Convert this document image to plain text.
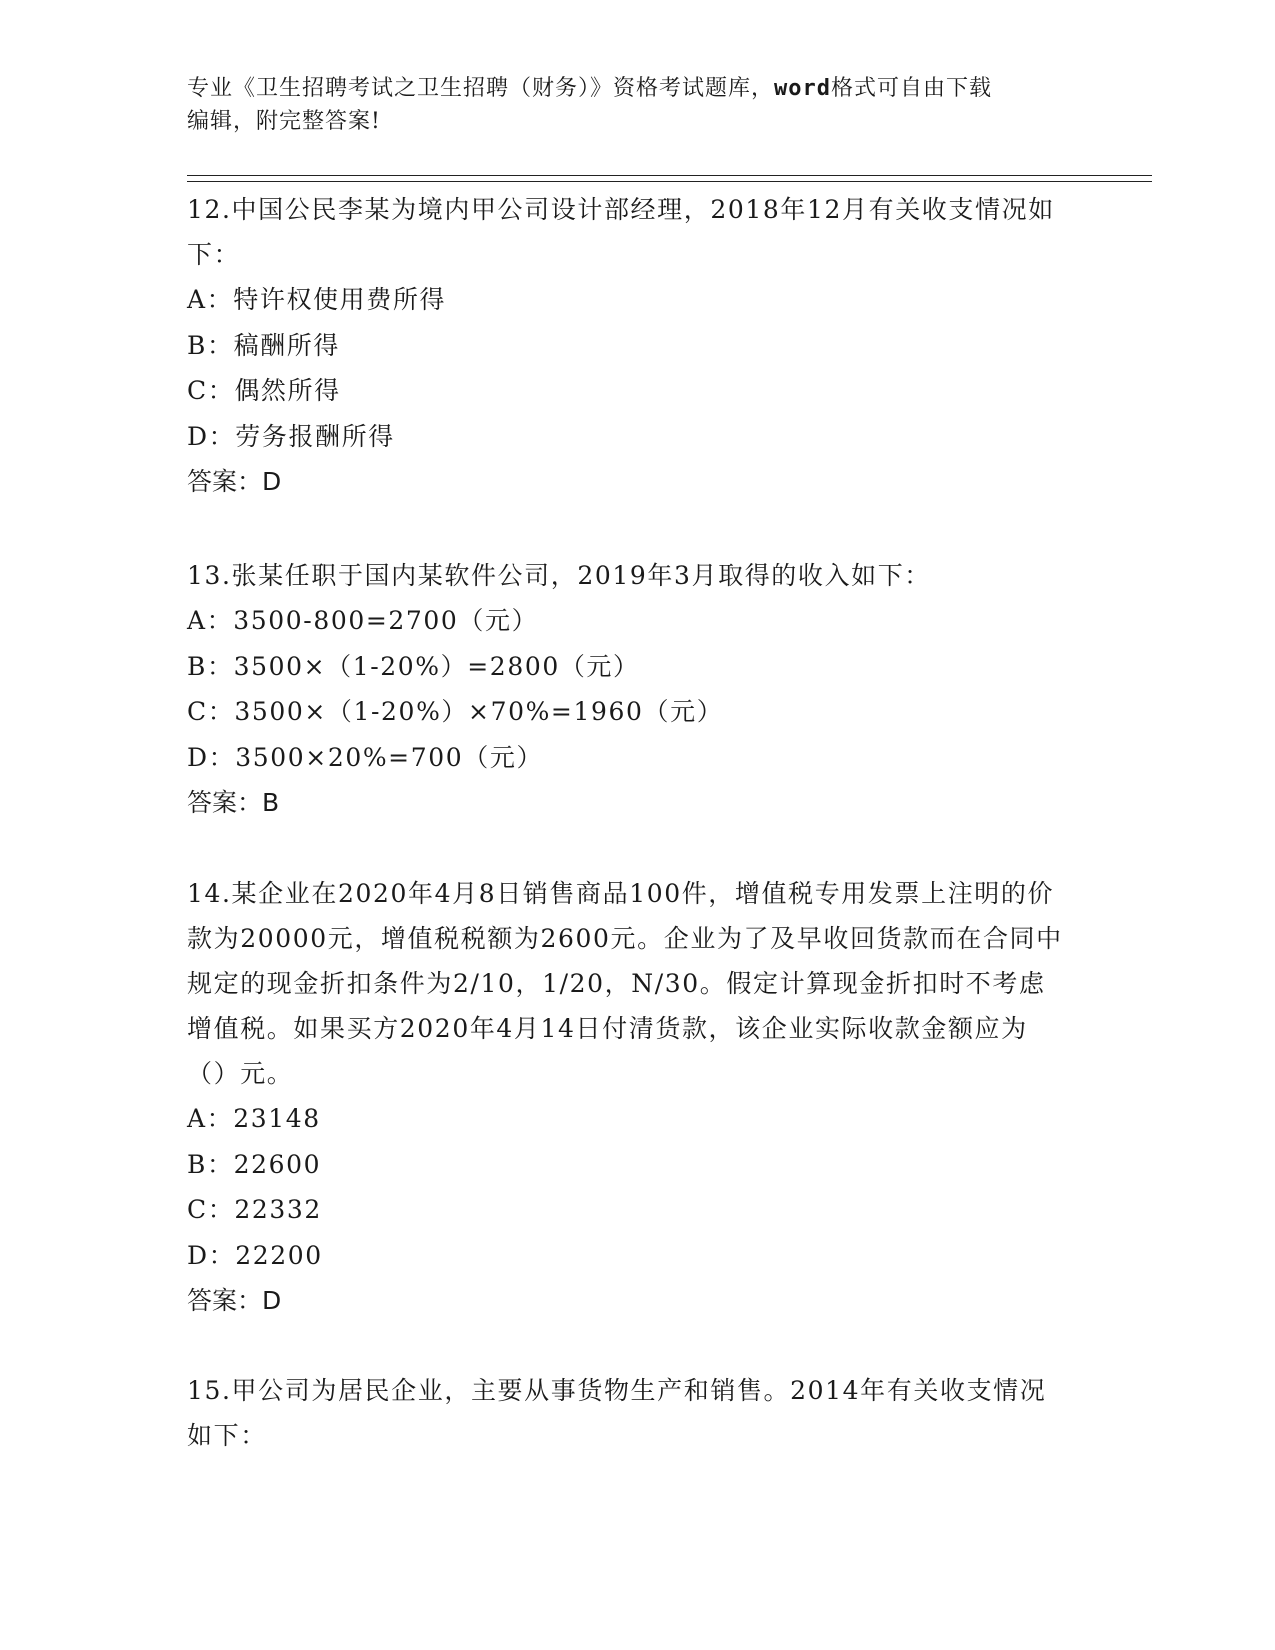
专业《卫生招聘考试之卫生招聘（财务）》资格考试题库，word格式可自由下载
编辑，附完整答案!

12.中国公民李某为境内甲公司设计部经理，2018年12月有关收支情况如下：

A：特许权使用费所得

B：稿酬所得

C：偶然所得

D：劳务报酬所得

答案：D

13.张某任职于国内某软件公司，2019年3月取得的收入如下：

A：3500-800=2700（元）

B：3500×（1-20%）=2800（元）

C：3500×（1-20%）×70%=1960（元）

D：3500×20%=700（元）

答案：B

14.某企业在2020年4月8日销售商品100件，增值税专用发票上注明的价款为20000元，增值税税额为2600元。企业为了及早收回货款而在合同中规定的现金折扣条件为2/10，1/20，N/30。假定计算现金折扣时不考虑增值税。如果买方2020年4月14日付清货款，该企业实际收款金额应为（）元。

A：23148

B：22600

C：22332

D：22200

答案：D

15.甲公司为居民企业，主要从事货物生产和销售。2014年有关收支情况如下：
